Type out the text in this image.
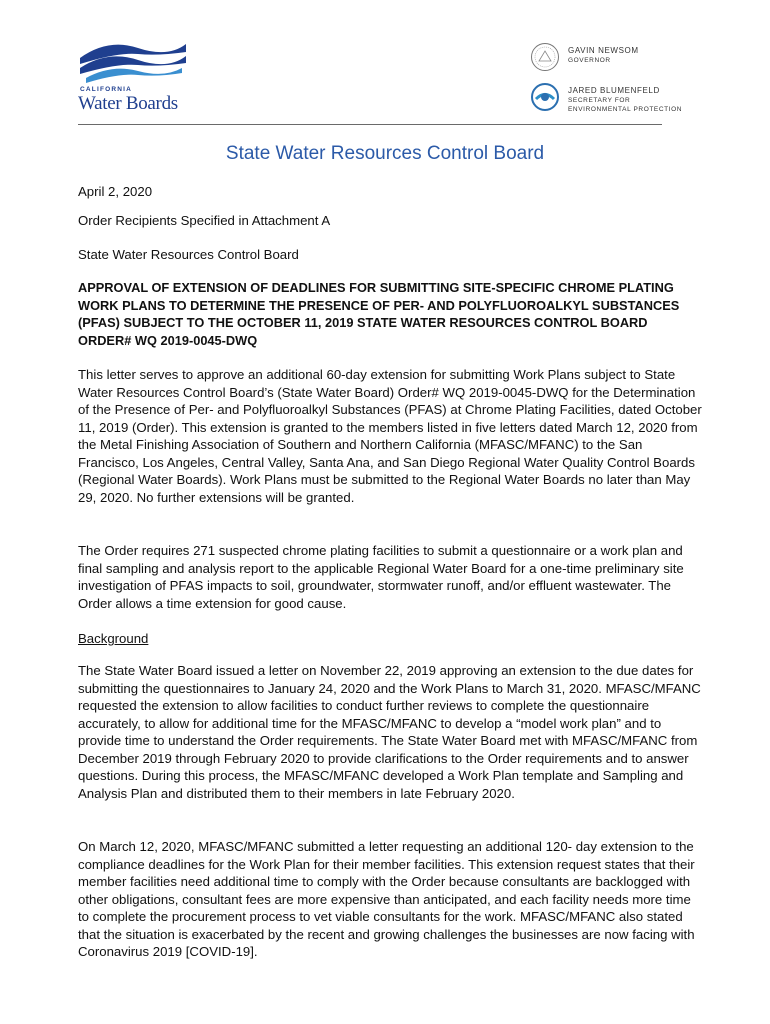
CALIFORNIA
Water Boards
GAVIN NEWSOM
GOVERNOR
JARED BLUMENFELD
SECRETARY FOR
ENVIRONMENTAL PROTECTION
State Water Resources Control Board

April 2, 2020

Order Recipients Specified in Attachment A

State Water Resources Control Board

APPROVAL OF EXTENSION OF DEADLINES FOR SUBMITTING SITE-SPECIFIC CHROME PLATING WORK PLANS TO DETERMINE THE PRESENCE OF PER- AND POLYFLUOROALKYL SUBSTANCES (PFAS) SUBJECT TO THE OCTOBER 11, 2019 STATE WATER RESOURCES CONTROL BOARD ORDER# WQ 2019-0045-DWQ

This letter serves to approve an additional 60-day extension for submitting Work Plans subject to State Water Resources Control Board’s (State Water Board) Order# WQ 2019-0045-DWQ for the Determination of the Presence of Per- and Polyfluoroalkyl Substances (PFAS) at Chrome Plating Facilities, dated October 11, 2019 (Order). This extension is granted to the members listed in five letters dated March 12, 2020 from the Metal Finishing Association of Southern and Northern California (MFASC/MFANC) to the San Francisco, Los Angeles, Central Valley, Santa Ana, and San Diego Regional Water Quality Control Boards (Regional Water Boards). Work Plans must be submitted to the Regional Water Boards no later than May 29, 2020. No further extensions will be granted.

The Order requires 271 suspected chrome plating facilities to submit a questionnaire or a work plan and final sampling and analysis report to the applicable Regional Water Board for a one-time preliminary site investigation of PFAS impacts to soil, groundwater, stormwater runoff, and/or effluent wastewater. The Order allows a time extension for good cause.

Background

The State Water Board issued a letter on November 22, 2019 approving an extension to the due dates for submitting the questionnaires to January 24, 2020 and the Work Plans to March 31, 2020. MFASC/MFANC requested the extension to allow facilities to conduct further reviews to complete the questionnaire accurately, to allow for additional time for the MFASC/MFANC to develop a “model work plan” and to provide time to understand the Order requirements. The State Water Board met with MFASC/MFANC from December 2019 through February 2020 to provide clarifications to the Order requirements and to answer questions. During this process, the MFASC/MFANC developed a Work Plan template and Sampling and Analysis Plan and distributed them to their members in late February 2020.

On March 12, 2020, MFASC/MFANC submitted a letter requesting an additional 120- day extension to the compliance deadlines for the Work Plan for their member facilities. This extension request states that their member facilities need additional time to comply with the Order because consultants are backlogged with other obligations, consultant fees are more expensive than anticipated, and each facility needs more time to complete the procurement process to vet viable consultants for the work. MFASC/MFANC also stated that the situation is exacerbated by the recent and growing challenges the businesses are now facing with Coronavirus 2019 [COVID-19].
